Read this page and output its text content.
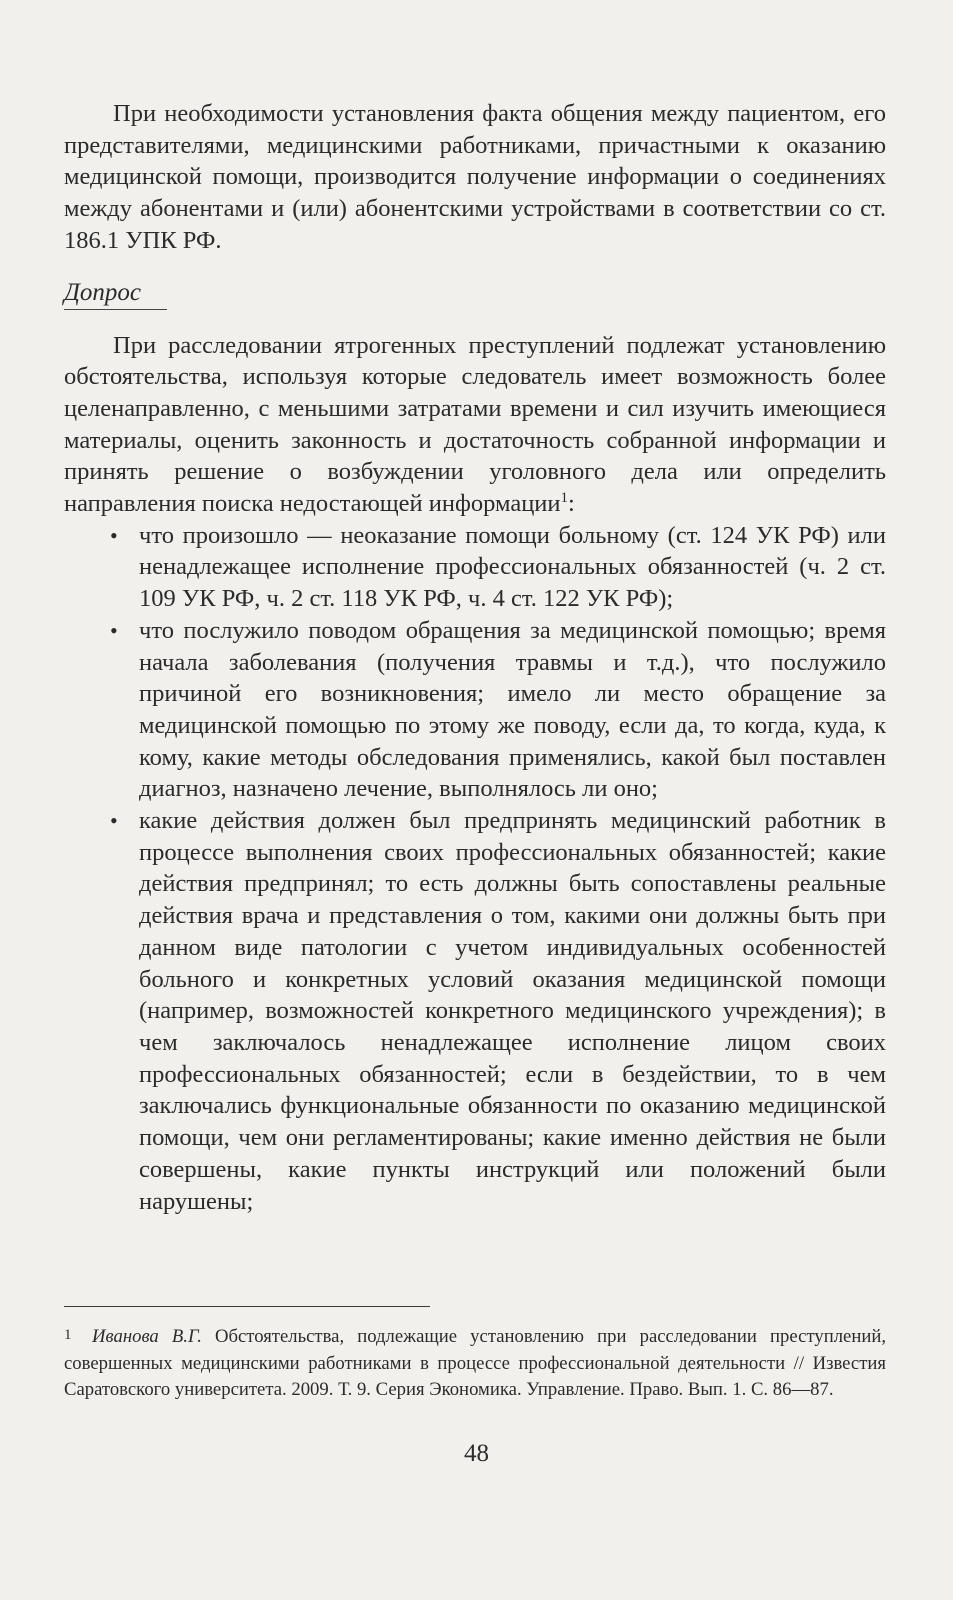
При необходимости установления факта общения между пациентом, его представителями, медицинскими работниками, причастными к оказанию медицинской помощи, производится получение информации о соединениях между абонентами и (или) абонентскими устройствами в соответствии со ст. 186.1 УПК РФ.

Допрос

При расследовании ятрогенных преступлений подлежат установлению обстоятельства, используя которые следователь имеет возможность более целенаправленно, с меньшими затратами времени и сил изучить имеющиеся материалы, оценить законность и достаточность собранной информации и принять решение о возбуждении уголовного дела или определить направления поиска недостающей информации$^1$:

• что произошло — неоказание помощи больному (ст. 124 УК РФ) или ненадлежащее исполнение профессиональных обязанностей (ч. 2 ст. 109 УК РФ, ч. 2 ст. 118 УК РФ, ч. 4 ст. 122 УК РФ);
• что послужило поводом обращения за медицинской помощью; время начала заболевания (получения травмы и т.д.), что послужило причиной его возникновения; имело ли место обращение за медицинской помощью по этому же поводу, если да, то когда, куда, к кому, какие методы обследования применялись, какой был поставлен диагноз, назначено лечение, выполнялось ли оно;
• какие действия должен был предпринять медицинский работник в процессе выполнения своих профессиональных обязанностей; какие действия предпринял; то есть должны быть сопоставлены реальные действия врача и представления о том, какими они должны быть при данном виде патологии с учетом индивидуальных особенностей больного и конкретных условий оказания медицинской помощи (например, возможностей конкретного медицинского учреждения); в чем заключалось ненадлежащее исполнение лицом своих профессиональных обязанностей; если в бездействии, то в чем заключались функциональные обязанности по оказанию медицинской помощи, чем они регламентированы; какие именно действия не были совершены, какие пункты инструкций или положений были нарушены;

1 Иванова В.Г. Обстоятельства, подлежащие установлению при расследовании преступлений, совершенных медицинскими работниками в процессе профессиональной деятельности // Известия Саратовского университета. 2009. Т. 9. Серия Экономика. Управление. Право. Вып. 1. С. 86—87.

48
